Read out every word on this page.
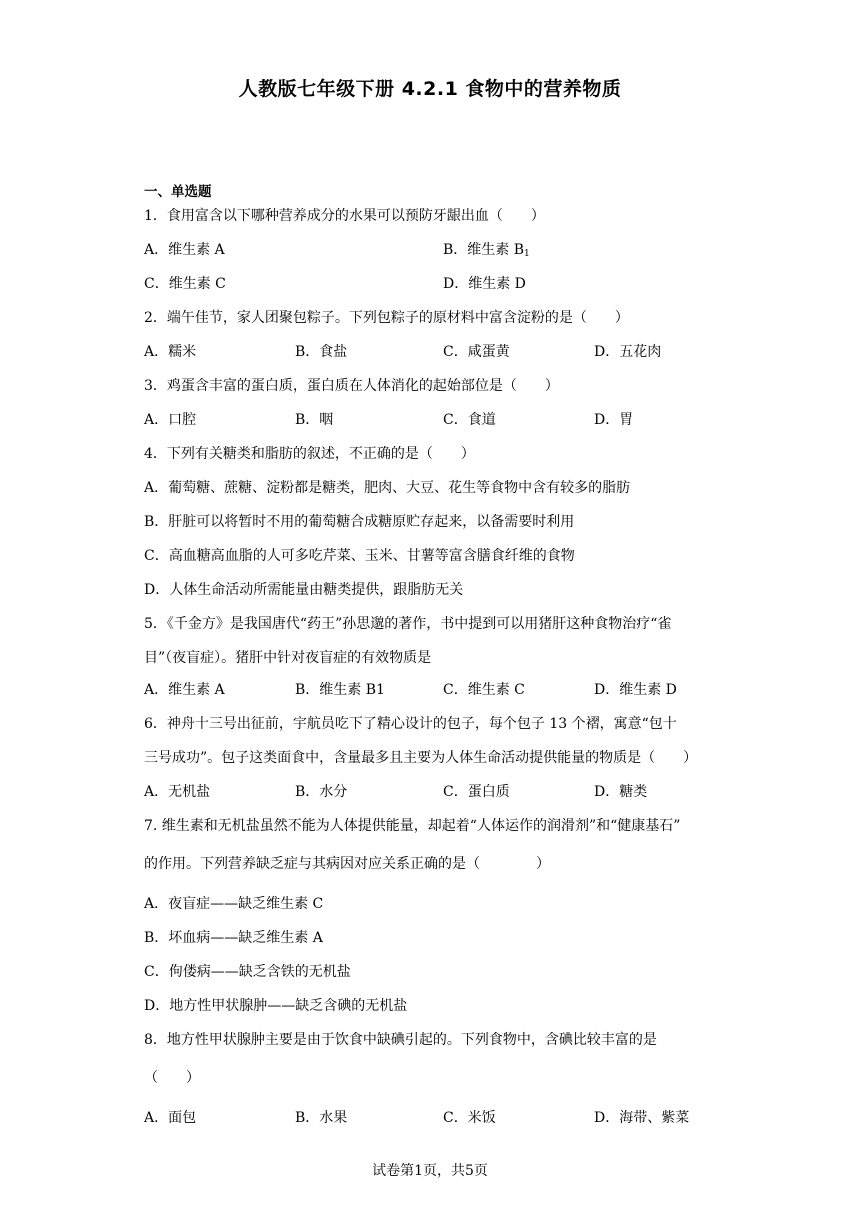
人教版七年级下册 4.2.1 食物中的营养物质
一、单选题
1．食用富含以下哪种营养成分的水果可以预防牙龈出血（　　）
A．维生素 A	B．维生素 $B_1$
C．维生素 C	D．维生素 D
2．端午佳节，家人团聚包粽子。下列包粽子的原材料中富含淀粉的是（　　）
A．糯米	B．食盐	C．咸蛋黄	D．五花肉
3．鸡蛋含丰富的蛋白质，蛋白质在人体消化的起始部位是（　　）
A．口腔	B．咽	C．食道	D．胃
4．下列有关糖类和脂肪的叙述，不正确的是（　　）
A．葡萄糖、蔗糖、淀粉都是糖类，肥肉、大豆、花生等食物中含有较多的脂肪
B．肝脏可以将暂时不用的葡萄糖合成糖原贮存起来，以备需要时利用
C．高血糖高血脂的人可多吃芹菜、玉米、甘薯等富含膳食纤维的食物
D．人体生命活动所需能量由糖类提供，跟脂肪无关
5．《千金方》是我国唐代“药王”孙思邈的著作，书中提到可以用猪肝这种食物治疗“雀
目”（夜盲症）。猪肝中针对夜盲症的有效物质是
A．维生素 A	B．维生素 B1	C．维生素 C	D．维生素 D
6．神舟十三号出征前，宇航员吃下了精心设计的包子，每个包子 13 个褶，寓意“包十
三号成功”。包子这类面食中，含量最多且主要为人体生命活动提供能量的物质是（　　）
A．无机盐	B．水分	C．蛋白质	D．糖类
7. 维生素和无机盐虽然不能为人体提供能量，却起着“人体运作的润滑剂”和“健康基石”
的作用。下列营养缺乏症与其病因对应关系正确的是（　　　　）
A．夜盲症——缺乏维生素 C
B．坏血病——缺乏维生素 A
C．佝偻病——缺乏含铁的无机盐
D．地方性甲状腺肿——缺乏含碘的无机盐
8．地方性甲状腺肿主要是由于饮食中缺碘引起的。下列食物中，含碘比较丰富的是
（　　）
A．面包	B．水果	C．米饭	D．海带、紫菜
试卷第1页，共5页
